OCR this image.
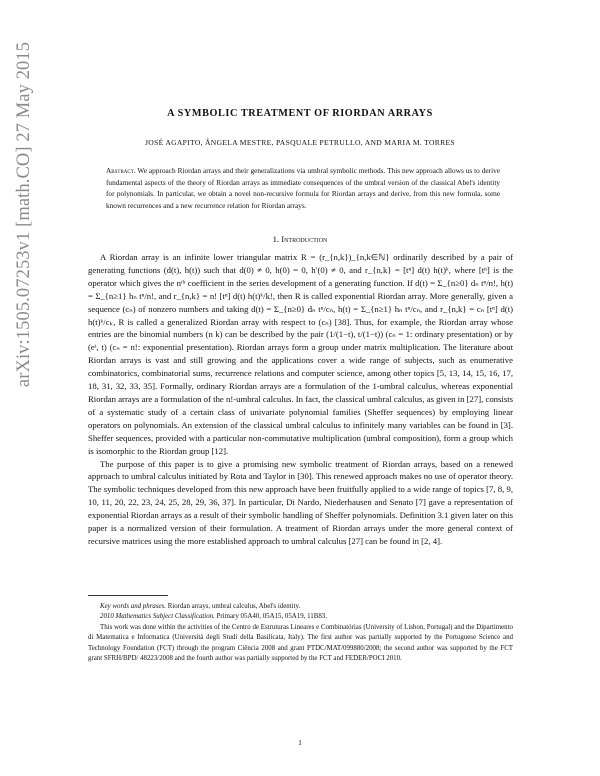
arXiv:1505.07253v1 [math.CO] 27 May 2015	A SYMBOLIC TREATMENT OF RIORDAN ARRAYS
JOSÉ AGAPITO, ÂNGELA MESTRE, PASQUALE PETRULLO, AND MARIA M. TORRES
Abstract. We approach Riordan arrays and their generalizations via umbral symbolic methods. This new approach allows us to derive fundamental aspects of the theory of Riordan arrays as immediate consequences of the umbral version of the classical Abel's identity for polynomials. In particular, we obtain a novel non-recursive formula for Riordan arrays and derive, from this new formula, some known recurrences and a new recurrence relation for Riordan arrays.
1. Introduction

A Riordan array is an infinite lower triangular matrix R = (r_{n,k})_{n,k∈ℕ} ordinarily described by a pair of generating functions (d(t), h(t)) such that d(0) ≠ 0, h(0) = 0, h′(0) ≠ 0, and r_{n,k} = [tⁿ] d(t) h(t)ᵏ, where [tⁿ] is the operator which gives the nᵗʰ coefficient in the series development of a generating function. If d(t) = Σ_{n≥0} dₙ tⁿ/n!, h(t) = Σ_{n≥1} hₙ tⁿ/n!, and r_{n,k} = n! [tⁿ] d(t) h(t)ᵏ/k!, then R is called exponential Riordan array. More generally, given a sequence (cₙ) of nonzero numbers and taking d(t) = Σ_{n≥0} dₙ tⁿ/cₙ, h(t) = Σ_{n≥1} hₙ tⁿ/cₙ, and r_{n,k} = cₙ [tⁿ] d(t) h(t)ᵏ/cₖ, R is called a generalized Riordan array with respect to (cₙ) [38]. Thus, for example, the Riordan array whose entries are the binomial numbers (n k) can be described by the pair (1/(1−t), t/(1−t)) (cₙ = 1: ordinary presentation) or by (eᵗ, t) (cₙ = n!: exponential presentation). Riordan arrays form a group under matrix multiplication. The literature about Riordan arrays is vast and still growing and the applications cover a wide range of subjects, such as enumerative combinatorics, combinatorial sums, recurrence relations and computer science, among other topics [5, 13, 14, 15, 16, 17, 18, 31, 32, 33, 35]. Formally, ordinary Riordan arrays are a formulation of the 1-umbral calculus, whereas exponential Riordan arrays are a formulation of the n!-umbral calculus. In fact, the classical umbral calculus, as given in [27], consists of a systematic study of a certain class of univariate polynomial families (Sheffer sequences) by employing linear operators on polynomials. An extension of the classical umbral calculus to infinitely many variables can be found in [3]. Sheffer sequences, provided with a particular non-commutative multiplication (umbral composition), form a group which is isomorphic to the Riordan group [12].

The purpose of this paper is to give a promising new symbolic treatment of Riordan arrays, based on a renewed approach to umbral calculus initiated by Rota and Taylor in [30]. This renewed approach makes no use of operator theory. The symbolic techniques developed from this new approach have been fruitfully applied to a wide range of topics [7, 8, 9, 10, 11, 20, 22, 23, 24, 25, 28, 29, 36, 37]. In particular, Di Nardo, Niederhausen and Senato [7] gave a representation of exponential Riordan arrays as a result of their symbolic handling of Sheffer polynomials. Definition 3.1 given later on this paper is a normalized version of their formulation. A treatment of Riordan arrays under the more general context of recursive matrices using the more established approach to umbral calculus [27] can be found in [2, 4].

Key words and phrases. Riordan arrays, umbral calculus, Abel's identity.

2010 Mathematics Subject Classification. Primary 05A40, 05A15, 05A19, 11B83.

This work was done within the activities of the Centro de Estruturas Lineares e Combinatórias (University of Lisbon, Portugal) and the Dipartimento di Matematica e Informatica (Università degli Studi della Basilicata, Italy). The first author was partially supported by the Portuguese Science and Technology Foundation (FCT) through the program Ciência 2008 and grant PTDC/MAT/099880/2008; the second author was supported by the FCT grant SFRH/BPD/ 48223/2008 and the fourth author was partially supported by the FCT and FEDER/POCI 2010.

1
